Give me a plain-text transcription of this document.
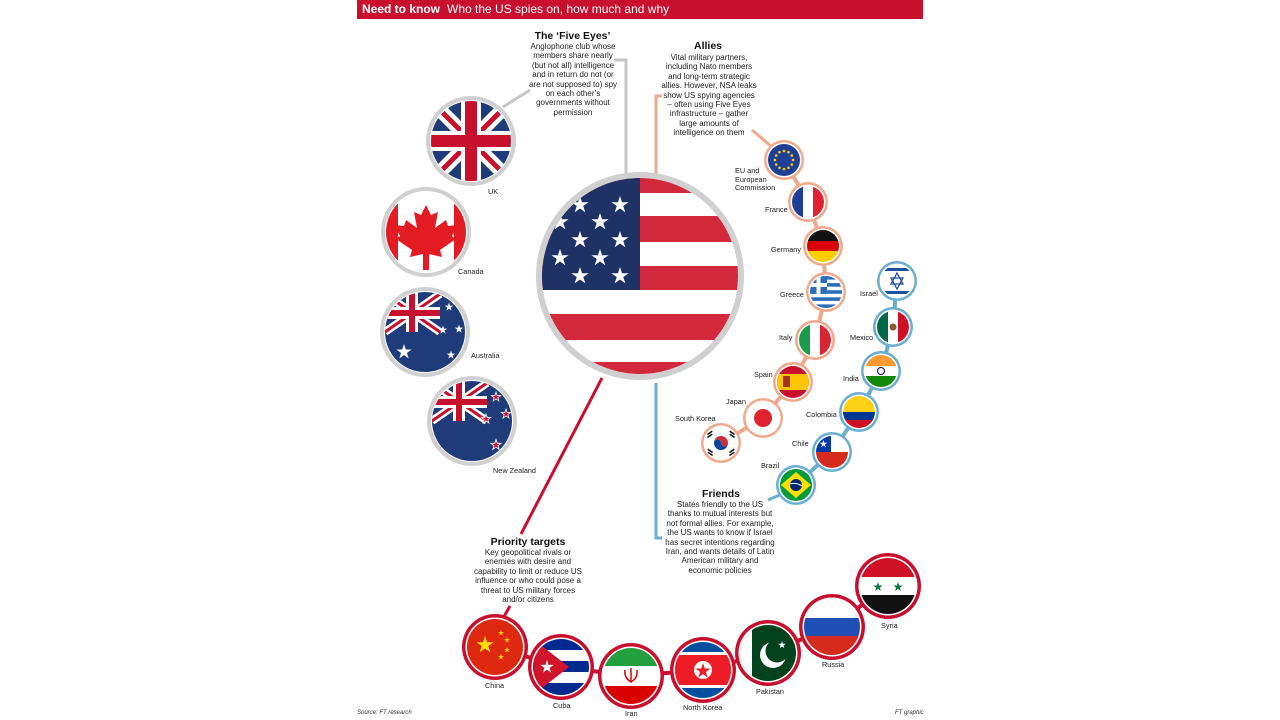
Need to know Who the US spies on, how much and why
The ‘Five Eyes’
Anglophone club whose members share nearly (but not all) intelligence and in return do not (or are not supposed to) spy on each other’s governments without permission
Allies
Vital military partners, including Nato members and long-term strategic allies. However, NSA leaks show US spying agencies – often using Five Eyes infrastructure – gather large amounts of intelligence on them
Friends
States friendly to the US thanks to mutual interests but not formal allies. For example, the US wants to know if Israel has secret intentions regarding Iran, and wants details of Latin American military and economic policies
Priority targets
Key geopolitical rivals or enemies with desire and capability to limit or reduce US influence or who could pose a threat to US military forces and/or citizens
UK
Canada
Australia
New Zealand
EU and European Commission
France
Germany
Greece
Italy
Spain
Japan
South Korea
Israel
Mexico
India
Colombia
Chile
Brazil
China
Cuba
Iran
North Korea
Pakistan
Russia
Syria
Source: FT research	FT graphic
